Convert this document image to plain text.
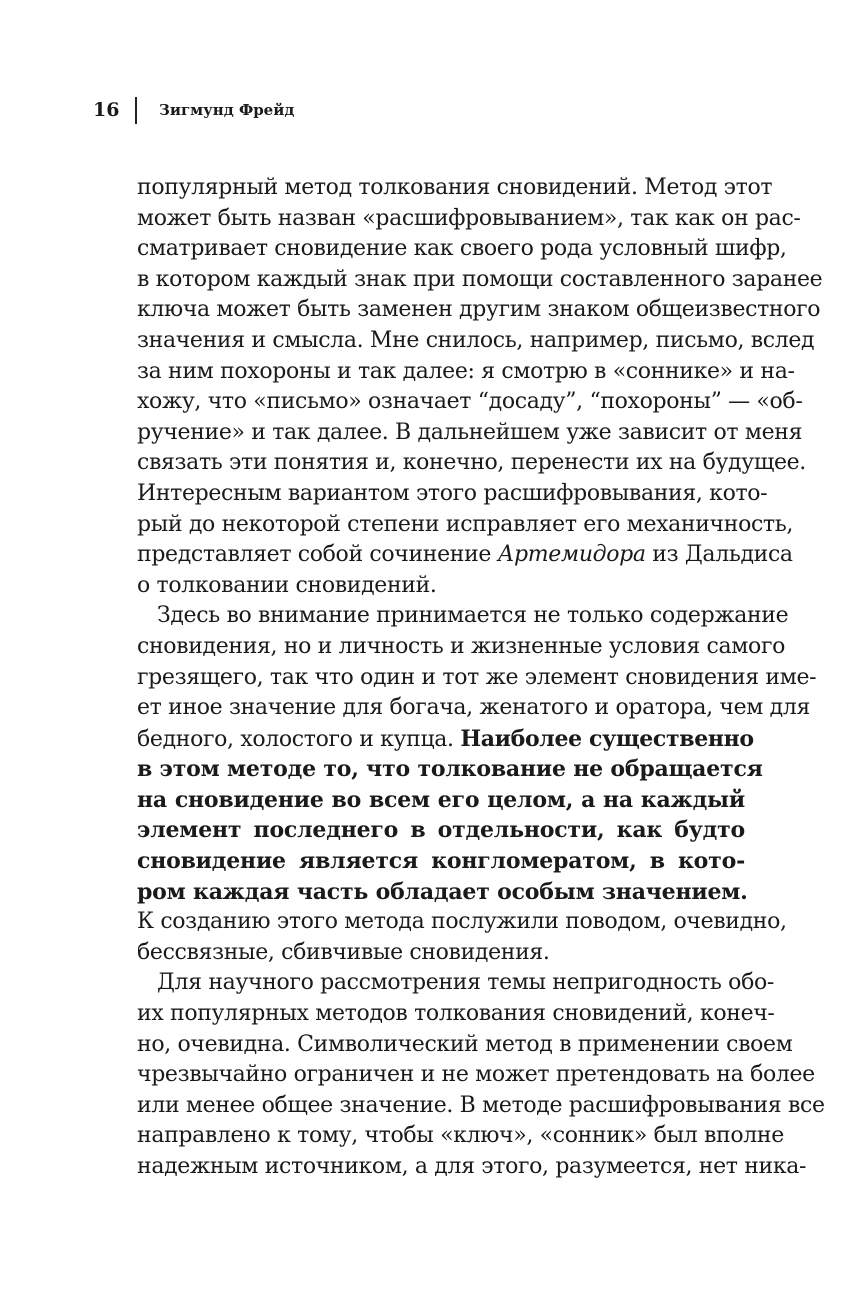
16	Зигмунд Фрейд
популярный метод толкования сновидений. Метод этот
может быть назван «расшифровыванием», так как он рас-
сматривает сновидение как своего рода условный шифр,
в котором каждый знак при помощи составленного заранее
ключа может быть заменен другим знаком общеизвестного
значения и смысла. Мне снилось, например, письмо, вслед
за ним похороны и так далее: я смотрю в «соннике» и на-
хожу, что «письмо» означает “досаду”, “похороны” — «об-
ручение» и так далее. В дальнейшем уже зависит от меня
связать эти понятия и, конечно, перенести их на будущее.
Интересным вариантом этого расшифровывания, кото-
рый до некоторой степени исправляет его механичность,
представляет собой сочинение Артемидора из Дальдиса
о толковании сновидений.
Здесь во внимание принимается не только содержание
сновидения, но и личность и жизненные условия самого
грезящего, так что один и тот же элемент сновидения име-
ет иное значение для богача, женатого и оратора, чем для
бедного, холостого и купца. Наиболее существенно
в этом методе то, что толкование не обращается
на сновидение во всем его целом, а на каждый
элемент последнего в отдельности, как будто
сновидение является конгломератом, в кото-
ром каждая часть обладает особым значением.
К созданию этого метода послужили поводом, очевидно,
бессвязные, сбивчивые сновидения.
Для научного рассмотрения темы непригодность обо-
их популярных методов толкования сновидений, конеч-
но, очевидна. Символический метод в применении своем
чрезвычайно ограничен и не может претендовать на более
или менее общее значение. В методе расшифровывания все
направлено к тому, чтобы «ключ», «сонник» был вполне
надежным источником, а для этого, разумеется, нет ника-
